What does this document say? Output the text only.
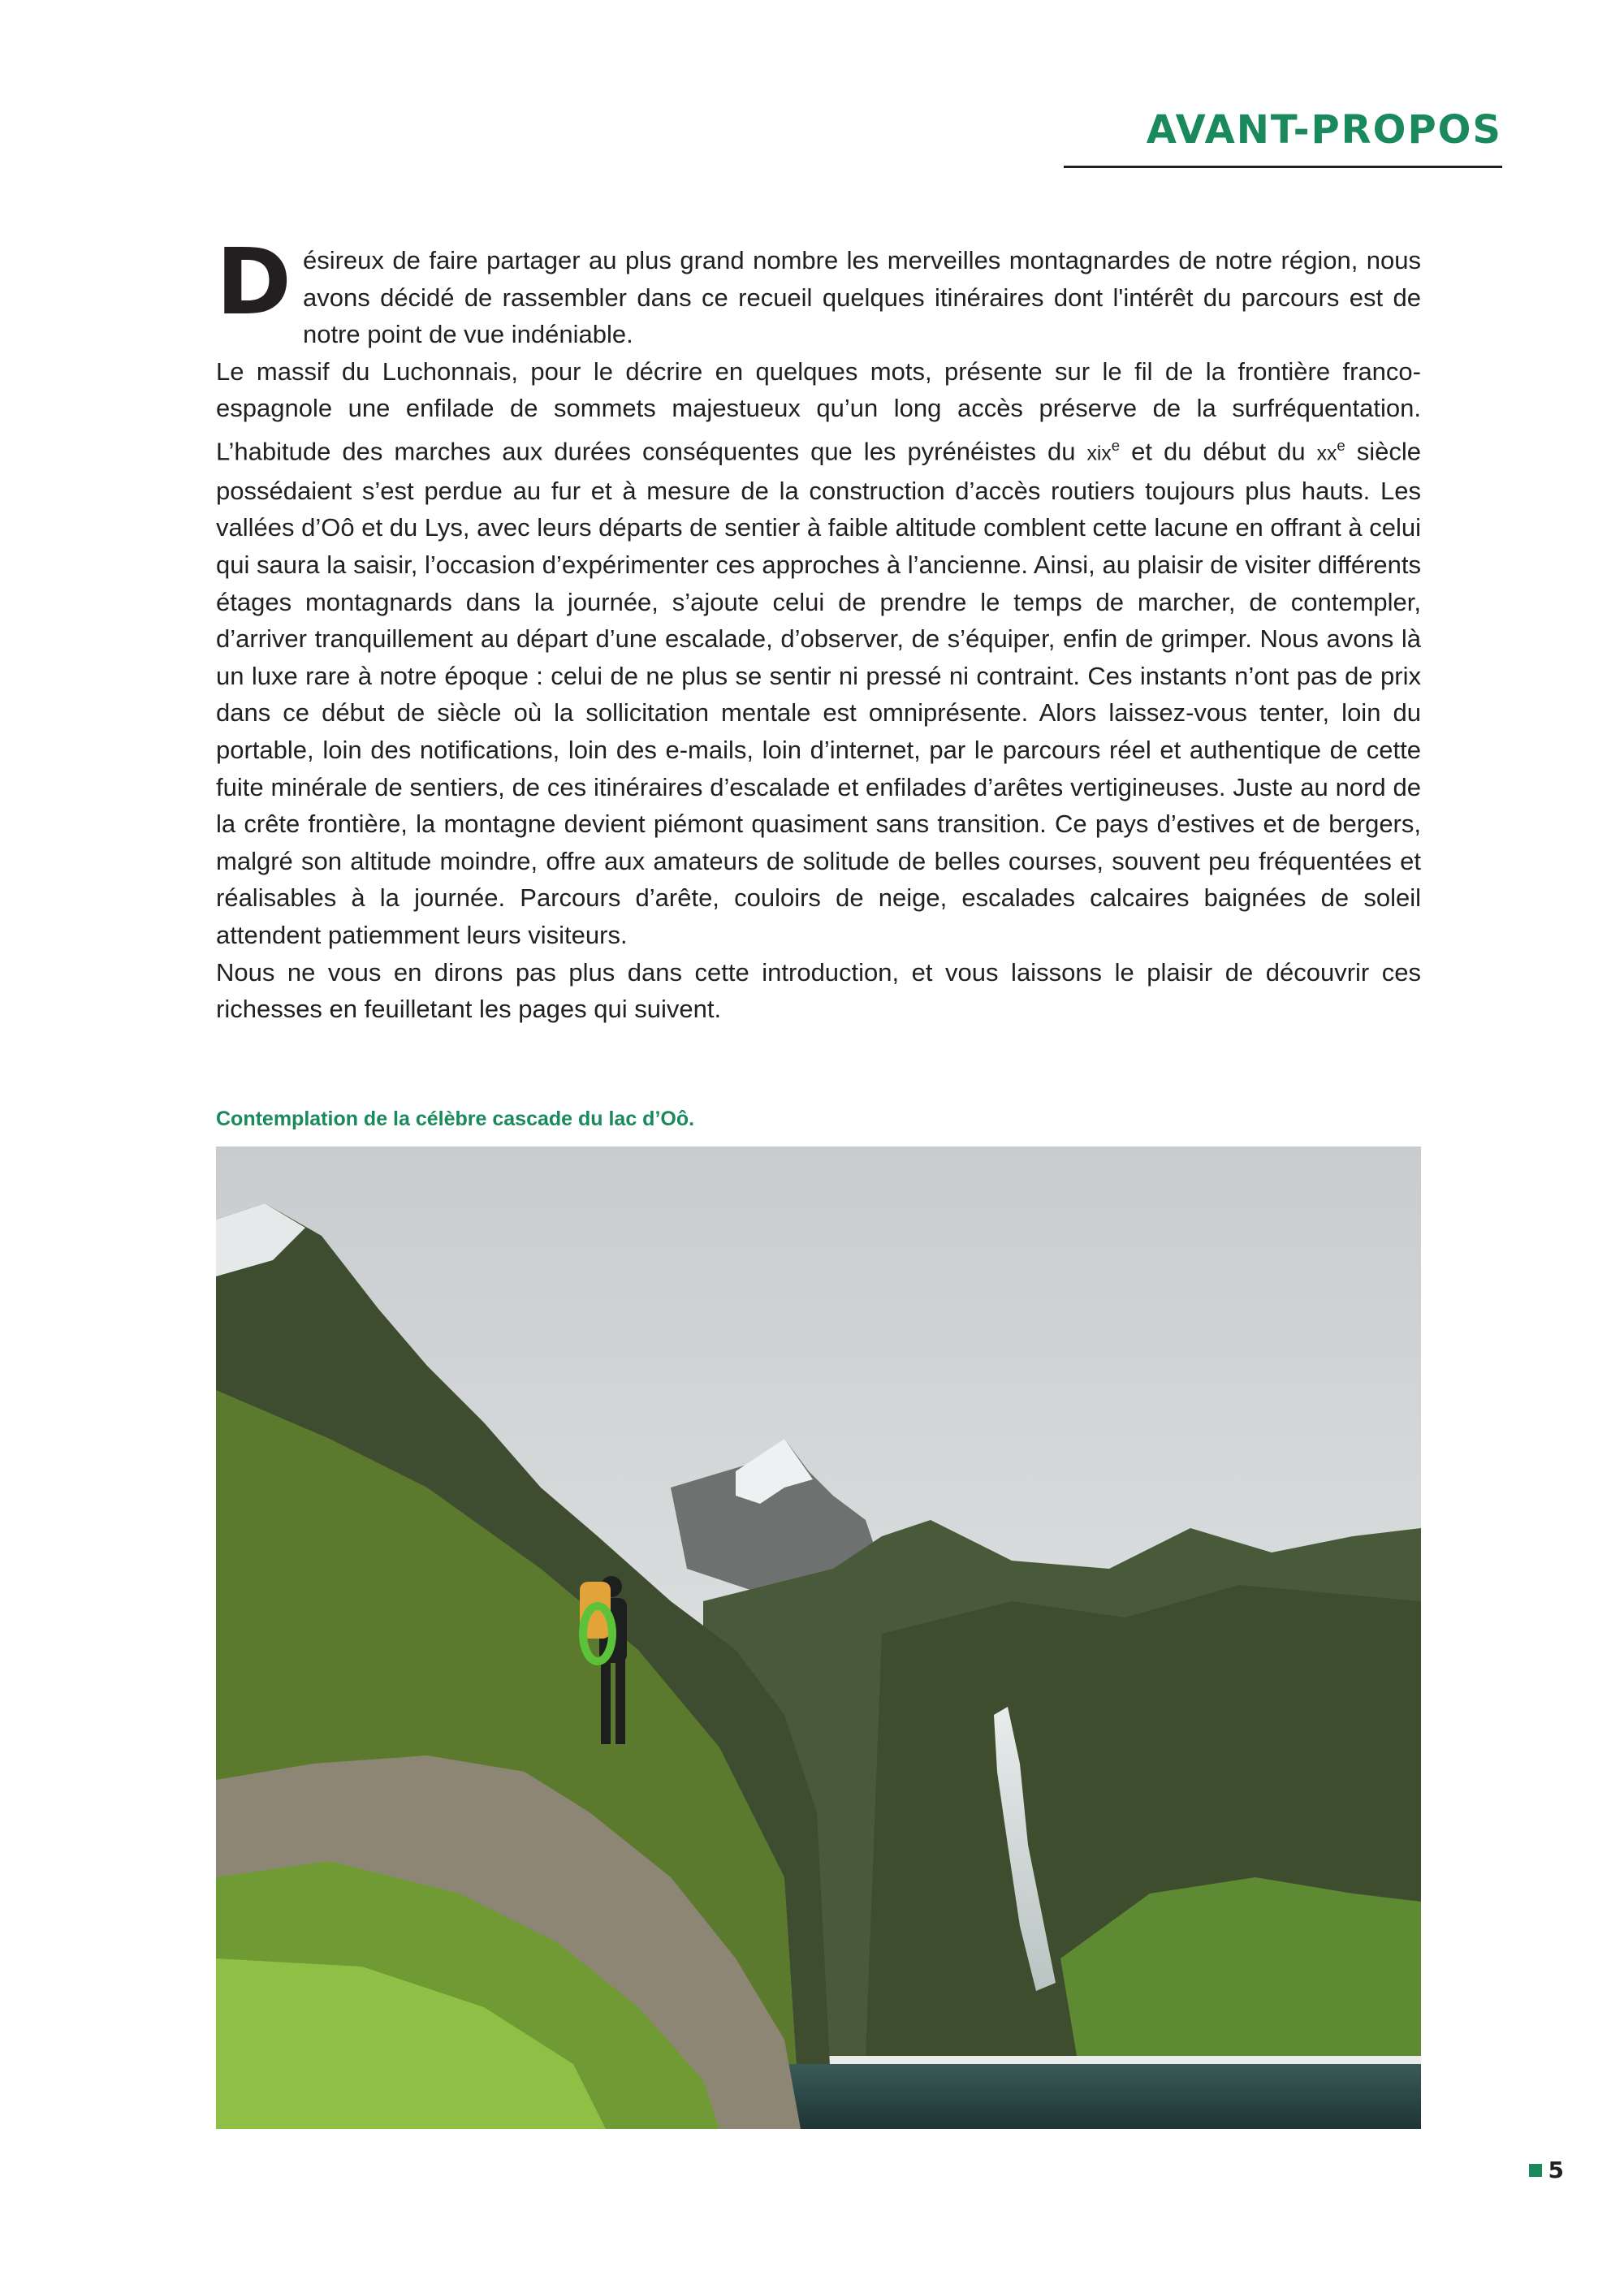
AVANT-PROPOS

Désireux de faire partager au plus grand nombre les merveilles montagnardes de notre région, nous avons décidé de rassembler dans ce recueil quelques itinéraires dont l'intérêt du parcours est de notre point de vue indéniable.

Le massif du Luchonnais, pour le décrire en quelques mots, présente sur le fil de la frontière franco-espagnole une enfilade de sommets majestueux qu’un long accès préserve de la surfréquentation. L’habitude des marches aux durées conséquentes que les pyrénéistes du xix$^e$ et du début du $xx^e$ siècle possédaient s’est perdue au fur et à mesure de la construction d’accès routiers toujours plus hauts. Les vallées d’Oô et du Lys, avec leurs départs de sentier à faible altitude comblent cette lacune en offrant à celui qui saura la saisir, l’occasion d’expérimenter ces approches à l’ancienne. Ainsi, au plaisir de visiter différents étages montagnards dans la journée, s’ajoute celui de prendre le temps de marcher, de contempler, d’arriver tranquillement au départ d’une escalade, d’observer, de s’équiper, enfin de grimper. Nous avons là un luxe rare à notre époque : celui de ne plus se sentir ni pressé ni contraint. Ces instants n’ont pas de prix dans ce début de siècle où la sollicitation mentale est omniprésente. Alors laissez-vous tenter, loin du portable, loin des notifications, loin des e-mails, loin d’internet, par le parcours réel et authentique de cette fuite minérale de sentiers, de ces itinéraires d’escalade et enfilades d’arêtes vertigineuses. Juste au nord de la crête frontière, la montagne devient piémont quasiment sans transition. Ce pays d’estives et de bergers, malgré son altitude moindre, offre aux amateurs de solitude de belles courses, souvent peu fréquentées et réalisables à la journée. Parcours d’arête, couloirs de neige, escalades calcaires baignées de soleil attendent patiemment leurs visiteurs.

Nous ne vous en dirons pas plus dans cette introduction, et vous laissons le plaisir de découvrir ces richesses en feuilletant les pages qui suivent.

Contemplation de la célèbre cascade du lac d’Oô.
5
